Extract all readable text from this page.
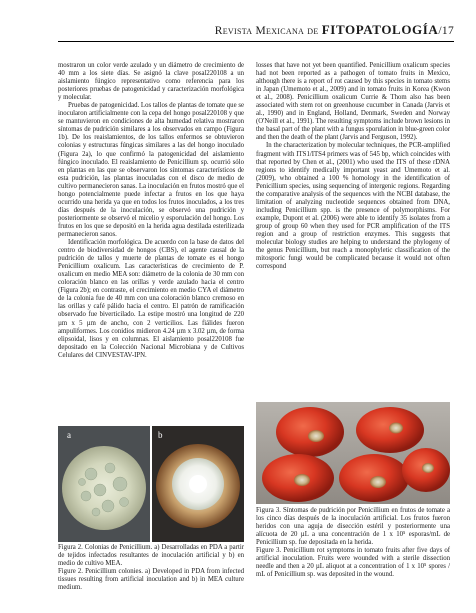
Revista Mexicana de FITOPATOLOGÍA/17

mostraron un color verde azulado y un diámetro de crecimiento de 40 mm a los siete días. Se asignó la clave posal220108 a un aislamiento fúngico representativo como referencia para los posteriores pruebas de patogenicidad y caracterización morfológica y molecular.

Pruebas de patogenicidad. Los tallos de plantas de tomate que se inocularon artificialmente con la cepa del hongo posal220108 y que se mantuvieron en condiciones de alta humedad relativa mostraron síntomas de pudrición similares a los observados en campo (Figura 1b). De los reaislamientos, de los tallos enfermos se obtuvieron colonias y estructuras fúngicas similares a las del hongo inoculado (Figura 2a), lo que confirmó la patogenicidad del aislamiento fúngico inoculado. El reaislamiento de Penicillium sp. ocurrió sólo en plantas en las que se observaron los síntomas característicos de esta pudrición, las plantas inoculadas con el disco de medio de cultivo permanecieron sanas. La inoculación en frutos mostró que el hongo potencialmente puede infectar a frutos en los que haya ocurrido una herida ya que en todos los frutos inoculados, a los tres días después de la inoculación, se observó una pudrición y posteriormente se observó el micelio y esporulación del hongo. Los frutos en los que se depositó en la herida agua destilada esterilizada permanecieron sanos.

Identificación morfológica. De acuerdo con la base de datos del centro de biodiversidad de hongos (CBS), el agente causal de la pudrición de tallos y muerte de plantas de tomate es el hongo Penicillium oxalicum. Las características de crecimiento de P. oxalicum en medio MEA son: diámetro de la colonia de 30 mm con coloración blanco en las orillas y verde azulado hacia el centro (Figura 2b); en contraste, el crecimiento en medio CYA el diámetro de la colonia fue de 40 mm con una coloración blanco cremoso en las orillas y café pálido hacia el centro. El patrón de ramificación observado fue biverticilado. La estipe mostró una longitud de 220 µm x 5 µm de ancho, con 2 verticilios. Las fiálides fueron ampuliformes. Los conidios midieron 4.24 µm x 3.02 µm, de forma elipsoidal, lisos y en columnas. El aislamiento posal220108 fue depositado en la Colección Nacional Microbiana y de Cultivos Celulares del CINVESTAV-IPN.

losses that have not yet been quantified. Penicillium oxalicum species had not been reported as a pathogen of tomato fruits in Mexico, although there is a report of rot caused by this species in tomato stems in Japan (Umemoto et al., 2009) and in tomato fruits in Korea (Kwon et al., 2008). Penicillium oxalicum Currie & Thom also has been associated with stem rot on greenhouse cucumber in Canada (Jarvis et al., 1990) and in England, Holland, Denmark, Sweden and Norway (O'Neill et al., 1991). The resulting symptoms include brown lesions in the basal part of the plant with a fungus sporulation in blue-green color and then the death of the plant (Jarvis and Ferguson, 1992).

In the characterization by molecular techniques, the PCR-amplified fragment with ITS1/ITS4 primers was of 545 bp, which coincides with that reported by Chen et al., (2001) who used the ITS of these rDNA regions to identify medically important yeast and Umemoto et al. (2009), who obtained a 100 % homology in the identification of Penicillium species, using sequencing of intergenic regions. Regarding the comparative analysis of the sequences with the NCBI database, the limitation of analyzing nucleotide sequences obtained from DNA, including Penicillium spp. is the presence of polymorphisms. For example, Dupont et al. (2006) were able to identify 35 isolates from a group of group 60 when they used for PCR amplification of the ITS region and a group of restriction enzymes. This suggests that molecular biology studies are helping to understand the phylogeny of the genus Penicillium, but reach a monophyletic classification of the mitosporic fungi would be complicated because it would not often correspond

a	b

Figura 2. Colonias de Penicillium. a) Desarrolladas en PDA a partir de tejidos infectados resultantes de inoculación artificial y b) en medio de cultivo MEA.

Figure 2. Penicillium colonies. a) Developed in PDA from infected tissues resulting from artificial inoculation and b) in MEA culture medium.

Figura 3. Síntomas de pudrición por Penicillium en frutos de tomate a los cinco días después de la inoculación artificial. Los frutos fueron heridos con una aguja de disección estéril y posteriormente una alícuota de 20 µL a una concentración de 1 x 10⁵ esporas/mL de Penicillium sp. fue depositada en la herida.

Figure 3. Penicillium rot symptoms in tomato fruits after five days of artificial inoculation. Fruits were wounded with a sterile dissection needle and then a 20 µL aliquot at a concentration of 1 x 10⁵ spores / mL of Penicillium sp. was deposited in the wound.
